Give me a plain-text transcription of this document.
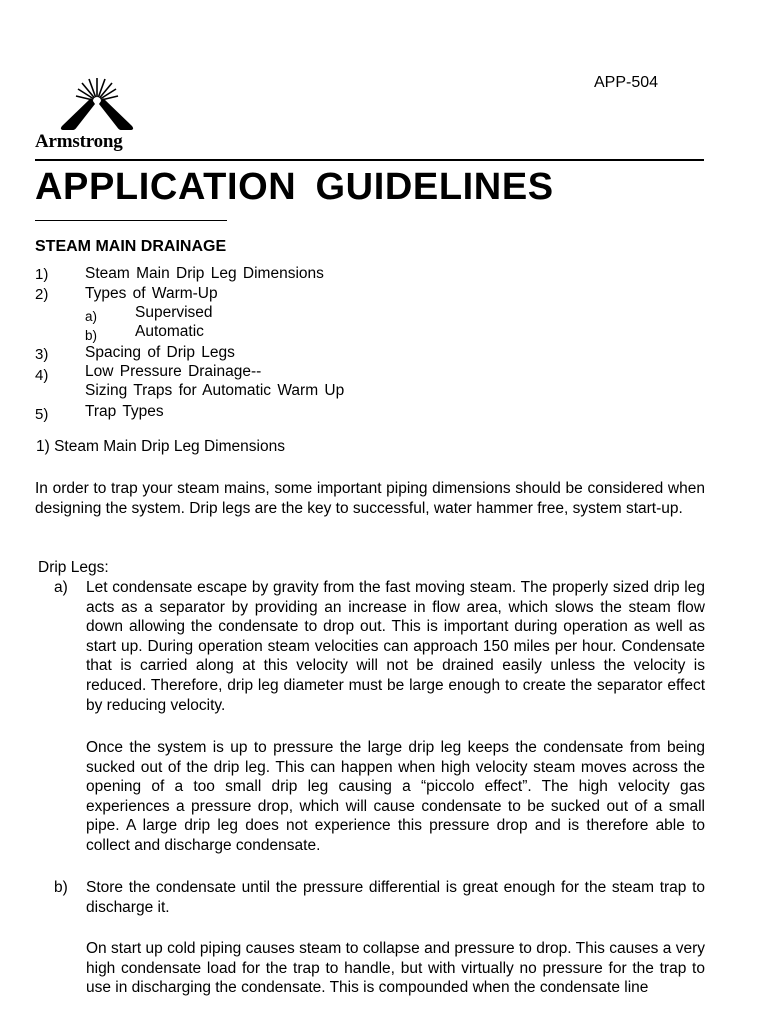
Armstrong
APP-504
APPLICATION GUIDELINES
STEAM MAIN DRAINAGE
1) Steam Main Drip Leg Dimensions
2) Types of Warm-Up
a) Supervised
b) Automatic
3) Spacing of Drip Legs
4) Low Pressure Drainage--
Sizing Traps for Automatic Warm Up
5) Trap Types
1) Steam Main Drip Leg Dimensions
In order to trap your steam mains, some important piping dimensions should be considered when designing the system. Drip legs are the key to successful, water hammer free, system start-up.
Drip Legs:
a) Let condensate escape by gravity from the fast moving steam. The properly sized drip leg acts as a separator by providing an increase in flow area, which slows the steam flow down allowing the condensate to drop out. This is important during operation as well as start up. During operation steam velocities can approach 150 miles per hour. Condensate that is carried along at this velocity will not be drained easily unless the velocity is reduced. Therefore, drip leg diameter must be large enough to create the separator effect by reducing velocity.
Once the system is up to pressure the large drip leg keeps the condensate from being sucked out of the drip leg. This can happen when high velocity steam moves across the opening of a too small drip leg causing a “piccolo effect”. The high velocity gas experiences a pressure drop, which will cause condensate to be sucked out of a small pipe. A large drip leg does not experience this pressure drop and is therefore able to collect and discharge condensate.
b) Store the condensate until the pressure differential is great enough for the steam trap to discharge it.
On start up cold piping causes steam to collapse and pressure to drop. This causes a very high condensate load for the trap to handle, but with virtually no pressure for the trap to use in discharging the condensate. This is compounded when the condensate line
